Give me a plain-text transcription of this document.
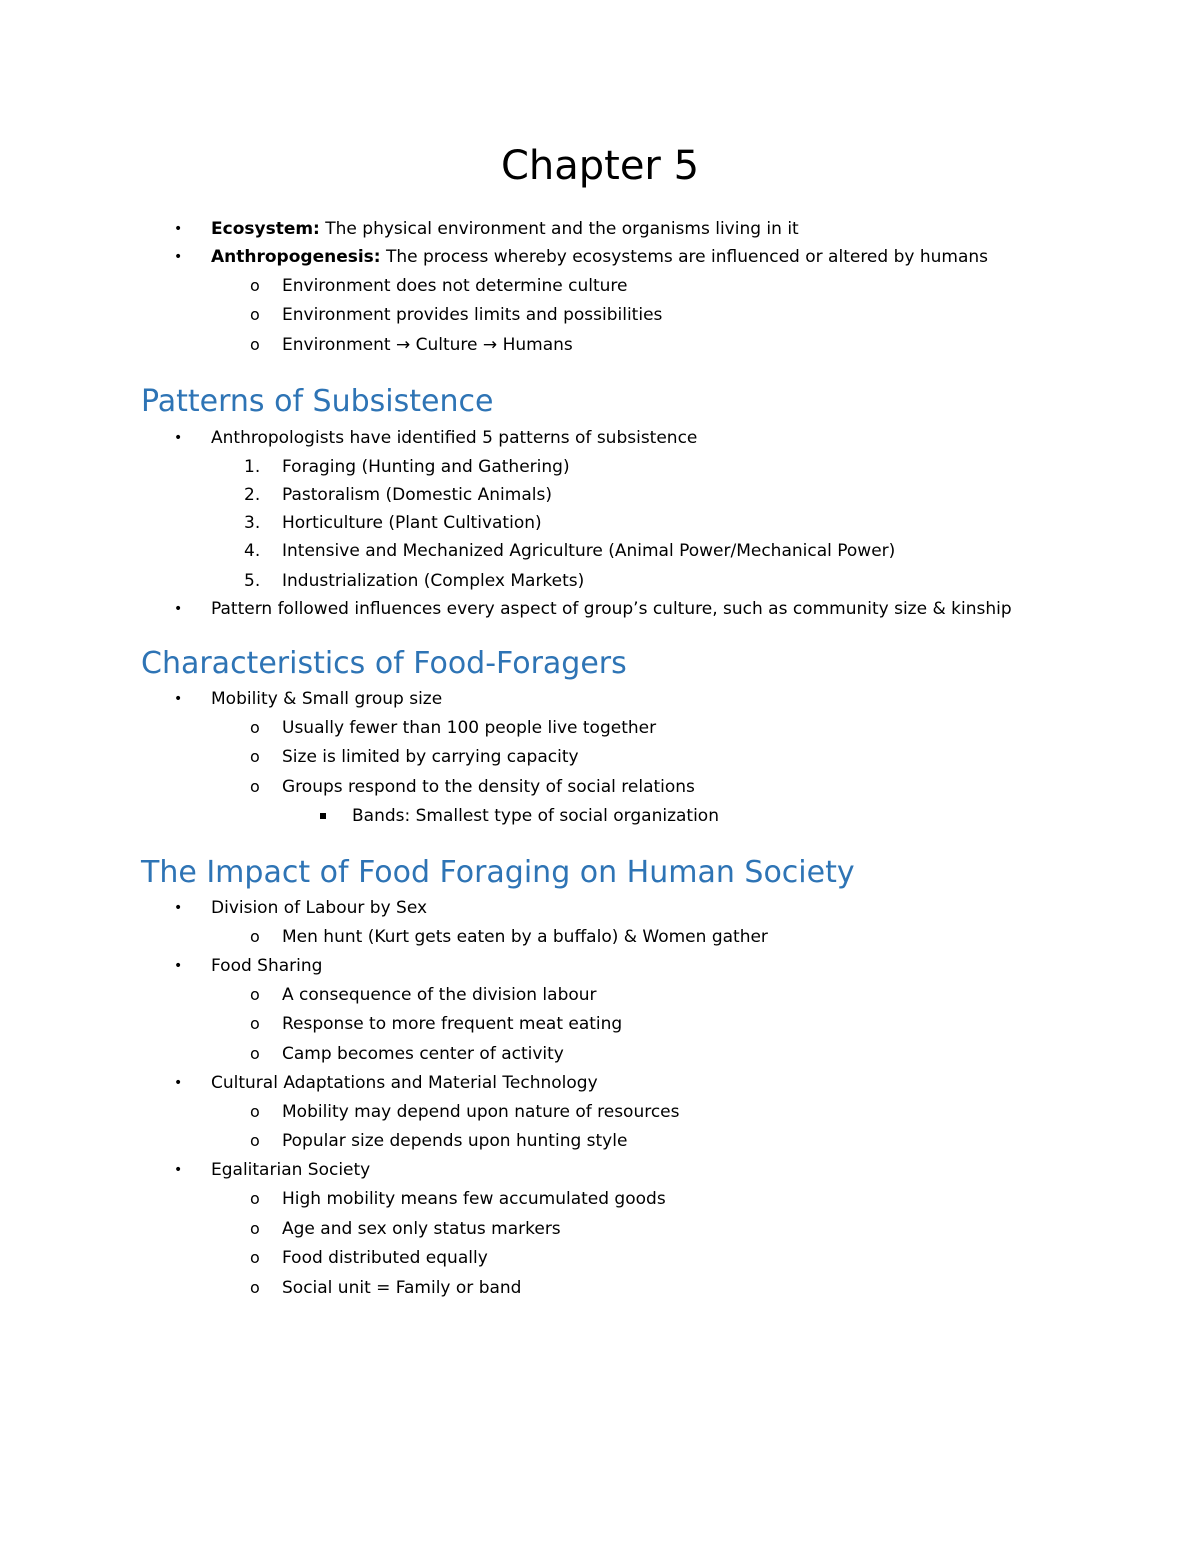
Chapter 5
• Ecosystem: The physical environment and the organisms living in it
• Anthropogenesis: The process whereby ecosystems are influenced or altered by humans
o Environment does not determine culture
o Environment provides limits and possibilities
o Environment → Culture → Humans
Patterns of Subsistence
• Anthropologists have identified 5 patterns of subsistence
1. Foraging (Hunting and Gathering)
2. Pastoralism (Domestic Animals)
3. Horticulture (Plant Cultivation)
4. Intensive and Mechanized Agriculture (Animal Power/Mechanical Power)
5. Industrialization (Complex Markets)
• Pattern followed influences every aspect of group’s culture, such as community size & kinship
Characteristics of Food-Foragers
• Mobility & Small group size
o Usually fewer than 100 people live together
o Size is limited by carrying capacity
o Groups respond to the density of social relations
Bands: Smallest type of social organization
The Impact of Food Foraging on Human Society
• Division of Labour by Sex
o Men hunt (Kurt gets eaten by a buffalo) & Women gather
• Food Sharing
o A consequence of the division labour
o Response to more frequent meat eating
o Camp becomes center of activity
• Cultural Adaptations and Material Technology
o Mobility may depend upon nature of resources
o Popular size depends upon hunting style
• Egalitarian Society
o High mobility means few accumulated goods
o Age and sex only status markers
o Food distributed equally
o Social unit = Family or band
